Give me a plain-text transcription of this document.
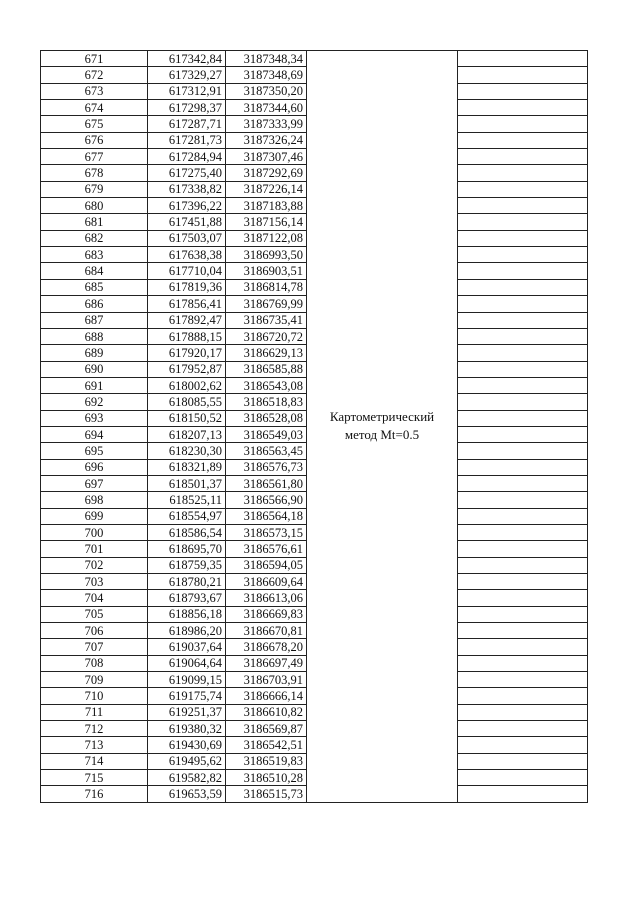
671	617342,84	3187348,34	Картометрический
метод Mt=0.5	

672	617329,27	3187348,69		
673	617312,91	3187350,20		
674	617298,37	3187344,60		
675	617287,71	3187333,99		
676	617281,73	3187326,24		
677	617284,94	3187307,46		
678	617275,40	3187292,69		
679	617338,82	3187226,14		
680	617396,22	3187183,88		
681	617451,88	3187156,14		
682	617503,07	3187122,08		
683	617638,38	3186993,50		
684	617710,04	3186903,51		
685	617819,36	3186814,78		
686	617856,41	3186769,99		
687	617892,47	3186735,41		
688	617888,15	3186720,72		
689	617920,17	3186629,13		
690	617952,87	3186585,88		
691	618002,62	3186543,08		
692	618085,55	3186518,83		
693	618150,52	3186528,08		
694	618207,13	3186549,03		
695	618230,30	3186563,45		
696	618321,89	3186576,73		
697	618501,37	3186561,80		
698	618525,11	3186566,90		
699	618554,97	3186564,18		
700	618586,54	3186573,15		
701	618695,70	3186576,61		
702	618759,35	3186594,05		
703	618780,21	3186609,64		
704	618793,67	3186613,06		
705	618856,18	3186669,83		
706	618986,20	3186670,81		
707	619037,64	3186678,20		
708	619064,64	3186697,49		
709	619099,15	3186703,91		
710	619175,74	3186666,14		
711	619251,37	3186610,82		
712	619380,32	3186569,87		
713	619430,69	3186542,51		
714	619495,62	3186519,83		
715	619582,82	3186510,28		
716	619653,59	3186515,73		
